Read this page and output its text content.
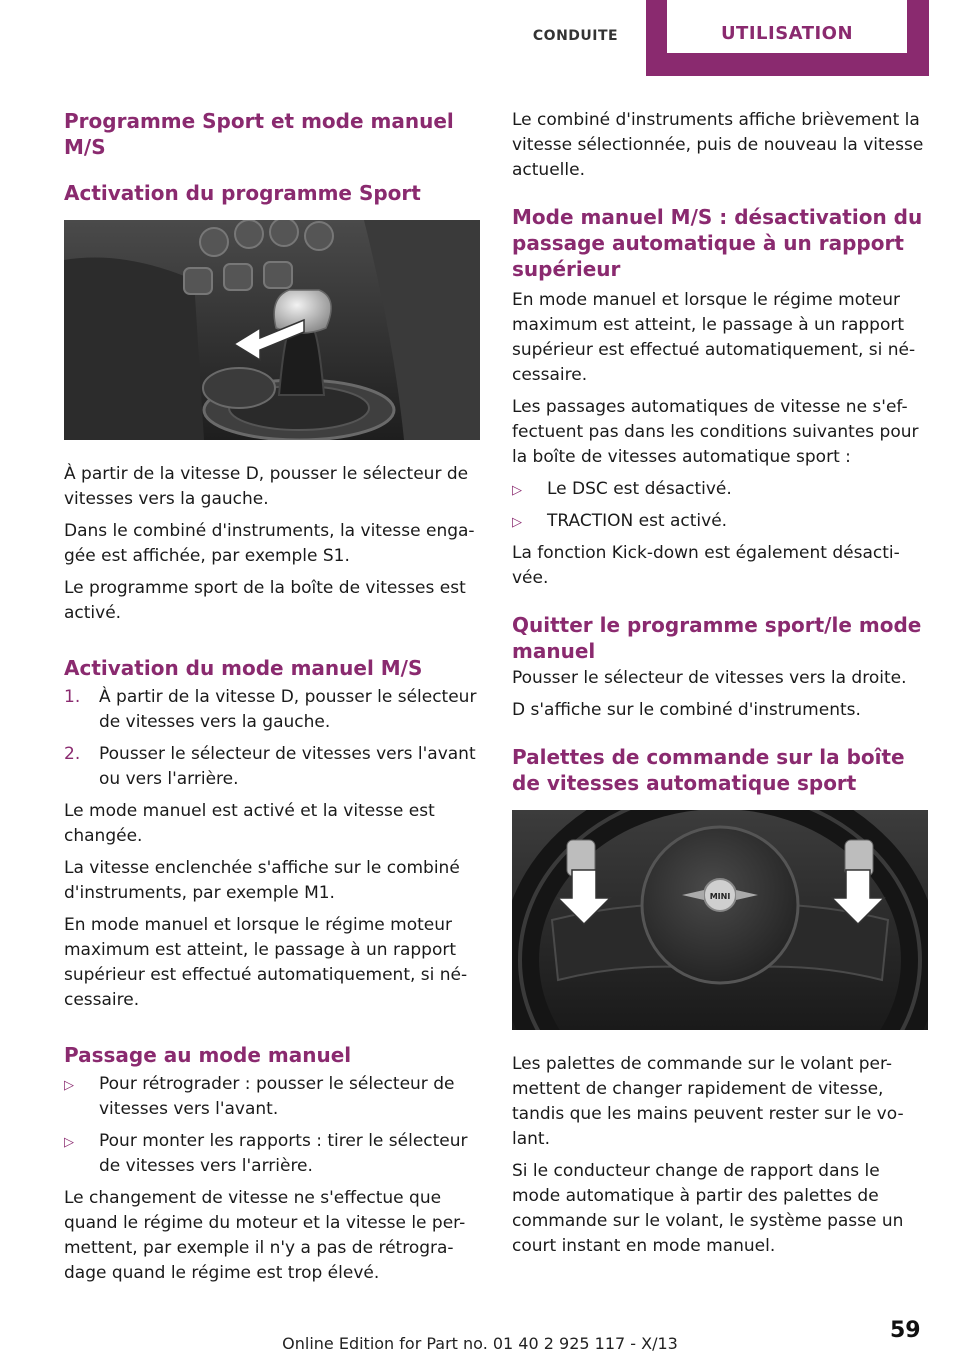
CONDUITE	UTILISATION
Programme Sport et mode manuel M/S
Activation du programme Sport

À partir de la vitesse D, pousser le sélecteur de vitesses vers la gauche.

Dans le combiné d'instruments, la vitesse enga-gée est affichée, par exemple S1.

Le programme sport de la boîte de vitesses est activé.

Activation du mode manuel M/S
1. À partir de la vitesse D, pousser le sélecteur de vitesses vers la gauche.
2. Pousser le sélecteur de vitesses vers l'avant ou vers l'arrière.

Le mode manuel est activé et la vitesse est changée.

La vitesse enclenchée s'affiche sur le combiné d'instruments, par exemple M1.

En mode manuel et lorsque le régime moteur maximum est atteint, le passage à un rapport supérieur est effectué automatiquement, si né-cessaire.

Passage au mode manuel
▷ Pour rétrograder : pousser le sélecteur de vitesses vers l'avant.
▷ Pour monter les rapports : tirer le sélecteur de vitesses vers l'arrière.

Le changement de vitesse ne s'effectue que quand le régime du moteur et la vitesse le per-mettent, par exemple il n'y a pas de rétrogra-dage quand le régime est trop élevé.

Le combiné d'instruments affiche brièvement la vitesse sélectionnée, puis de nouveau la vitesse actuelle.

Mode manuel M/S : désactivation du passage automatique à un rapport supérieur

En mode manuel et lorsque le régime moteur maximum est atteint, le passage à un rapport supérieur est effectué automatiquement, si né-cessaire.

Les passages automatiques de vitesse ne s'ef-fectuent pas dans les conditions suivantes pour la boîte de vitesses automatique sport :

▷ Le DSC est désactivé.
▷ TRACTION est activé.

La fonction Kick-down est également désacti-vée.

Quitter le programme sport/le mode manuel

Pousser le sélecteur de vitesses vers la droite.

D s'affiche sur le combiné d'instruments.

Palettes de commande sur la boîte de vitesses automatique sport
MINI

Les palettes de commande sur le volant per-mettent de changer rapidement de vitesse, tandis que les mains peuvent rester sur le vo-lant.

Si le conducteur change de rapport dans le mode automatique à partir des palettes de commande sur le volant, le système passe un court instant en mode manuel.

59
Online Edition for Part no. 01 40 2 925 117 - X/13
